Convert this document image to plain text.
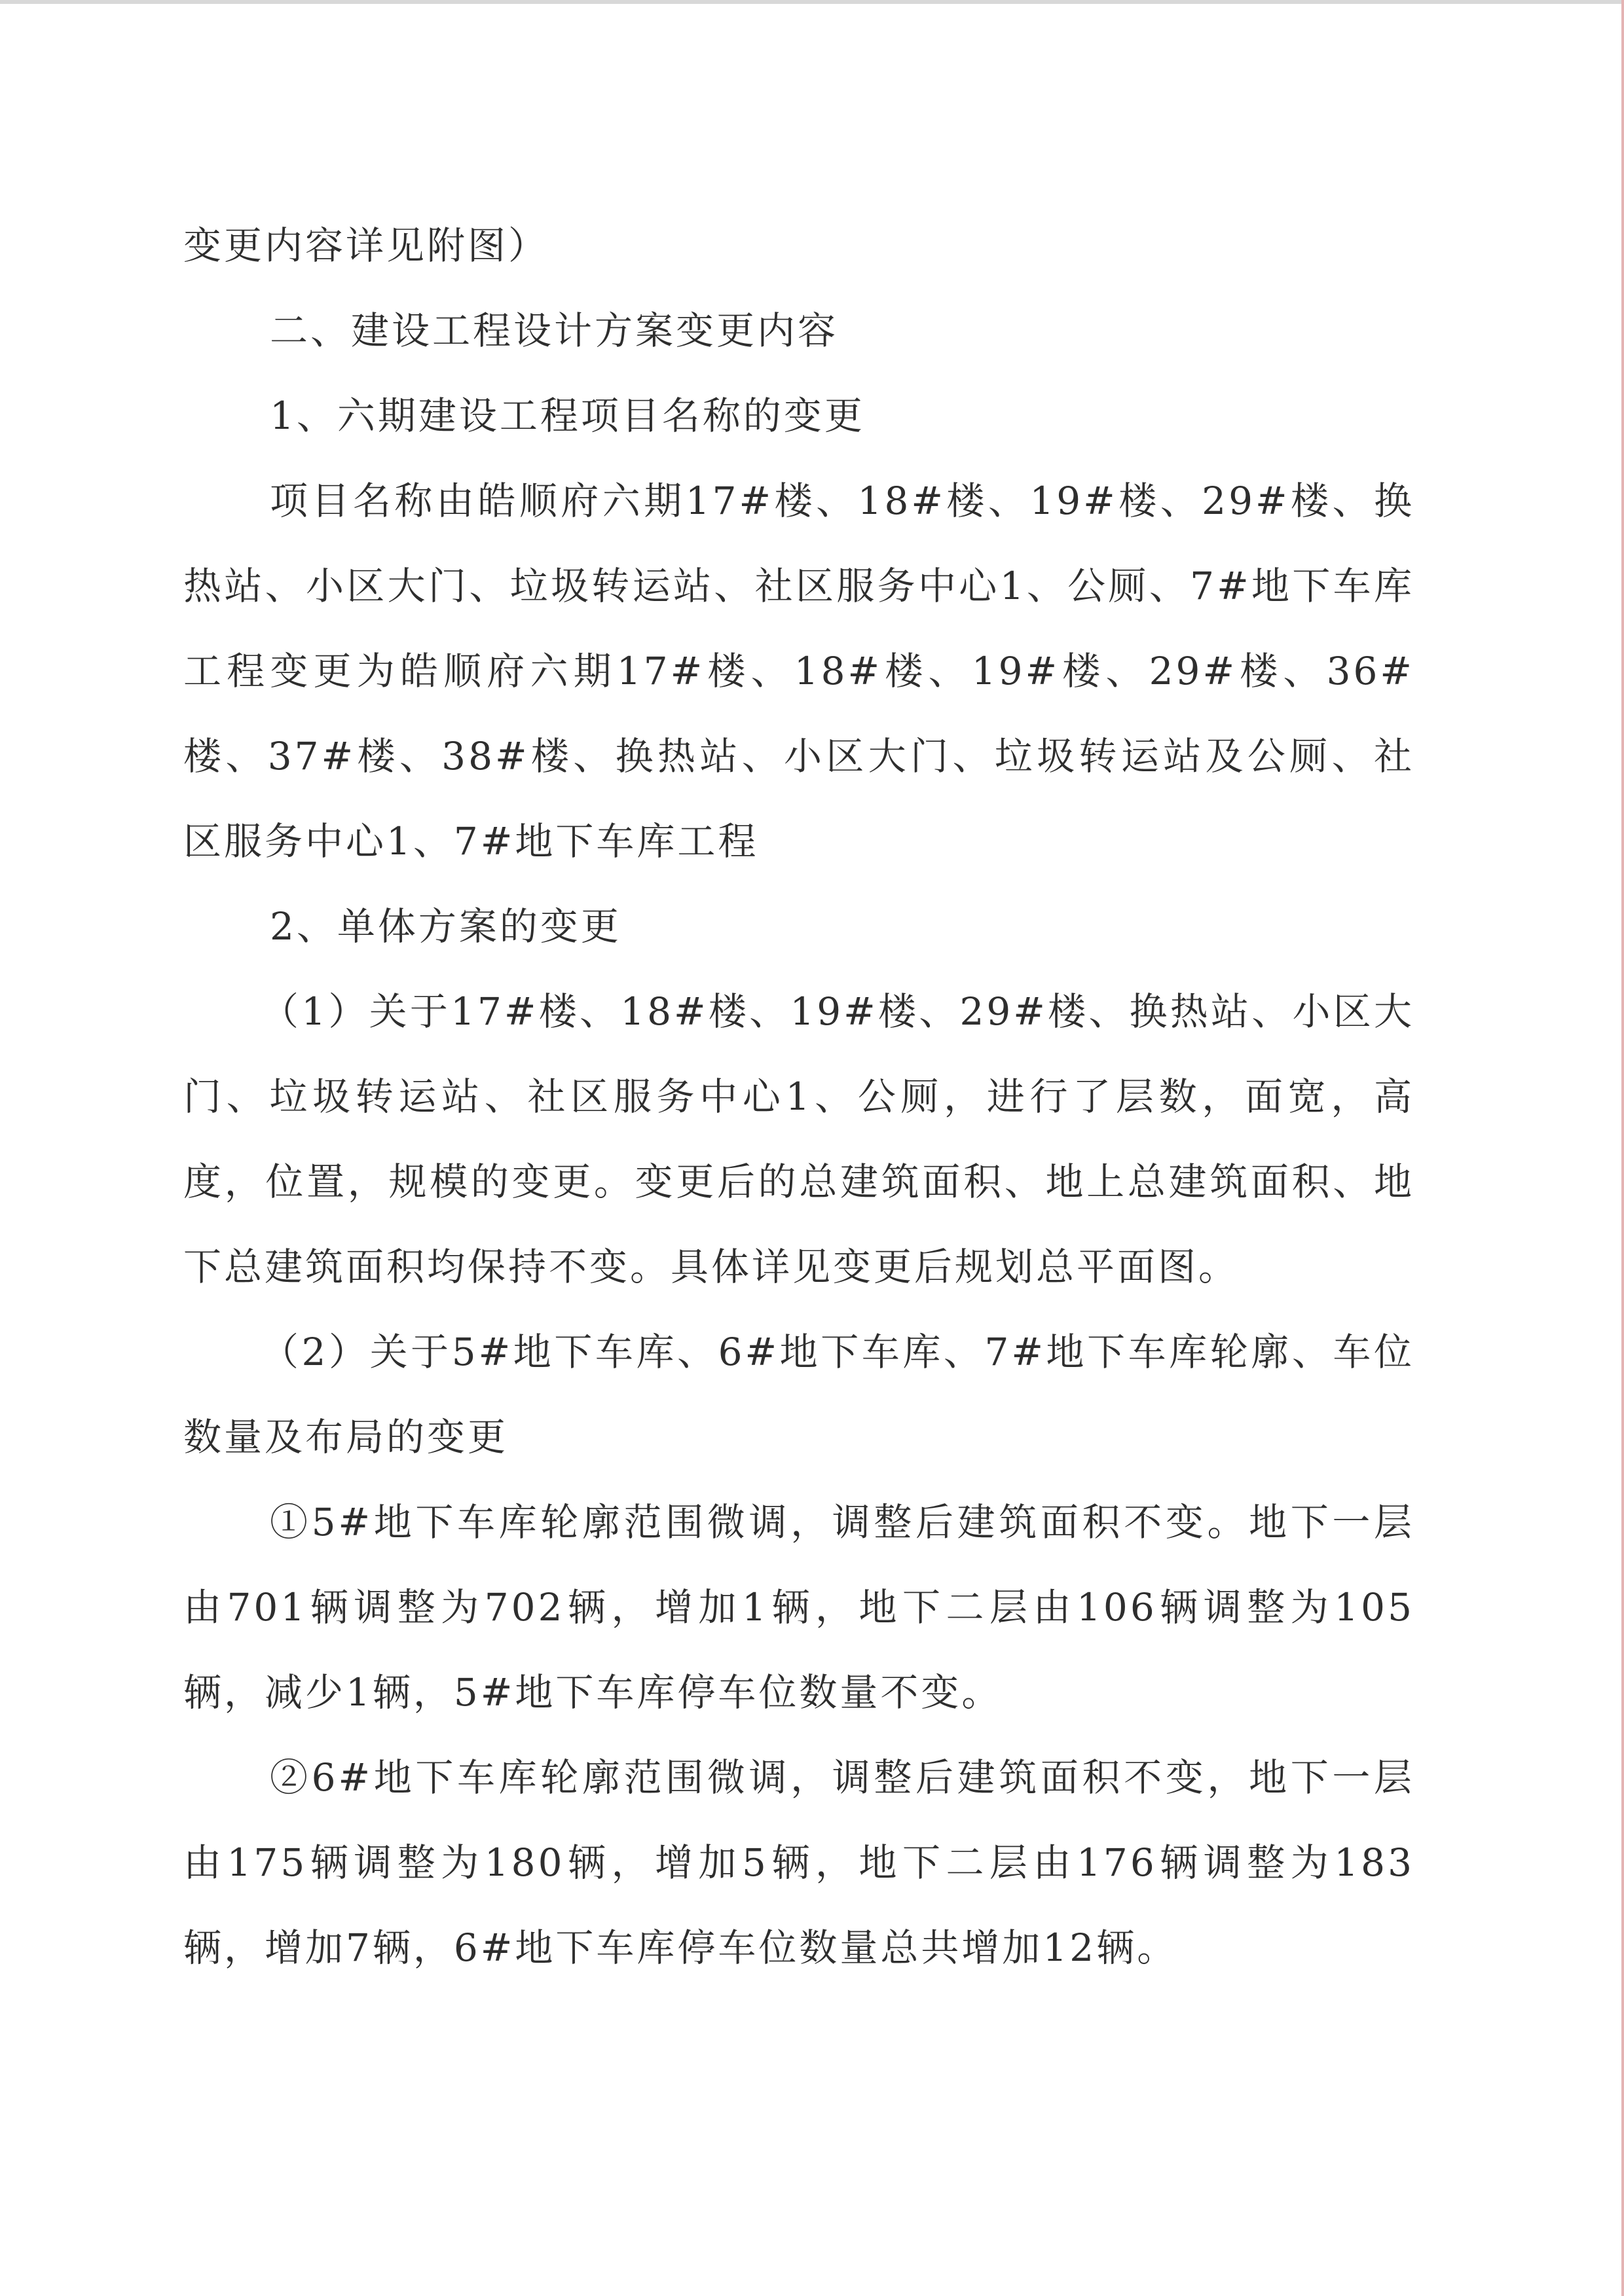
变更内容详见附图）

二、建设工程设计方案变更内容

1、六期建设工程项目名称的变更

项目名称由皓顺府六期17#楼、18#楼、19#楼、29#楼、换热站、小区大门、垃圾转运站、社区服务中心1、公厕、7#地下车库工程变更为皓顺府六期17#楼、18#楼、19#楼、29#楼、36#楼、37#楼、38#楼、换热站、小区大门、垃圾转运站及公厕、社区服务中心1、7#地下车库工程

2、单体方案的变更

（1）关于17#楼、18#楼、19#楼、29#楼、换热站、小区大门、垃圾转运站、社区服务中心1、公厕，进行了层数，面宽，高度，位置，规模的变更。变更后的总建筑面积、地上总建筑面积、地下总建筑面积均保持不变。具体详见变更后规划总平面图。

（2）关于5#地下车库、6#地下车库、7#地下车库轮廓、车位数量及布局的变更

①5#地下车库轮廓范围微调，调整后建筑面积不变。地下一层由701辆调整为702辆，增加1辆，地下二层由106辆调整为105辆，减少1辆，5#地下车库停车位数量不变。

②6#地下车库轮廓范围微调，调整后建筑面积不变，地下一层由175辆调整为180辆，增加5辆，地下二层由176辆调整为183辆，增加7辆，6#地下车库停车位数量总共增加12辆。
